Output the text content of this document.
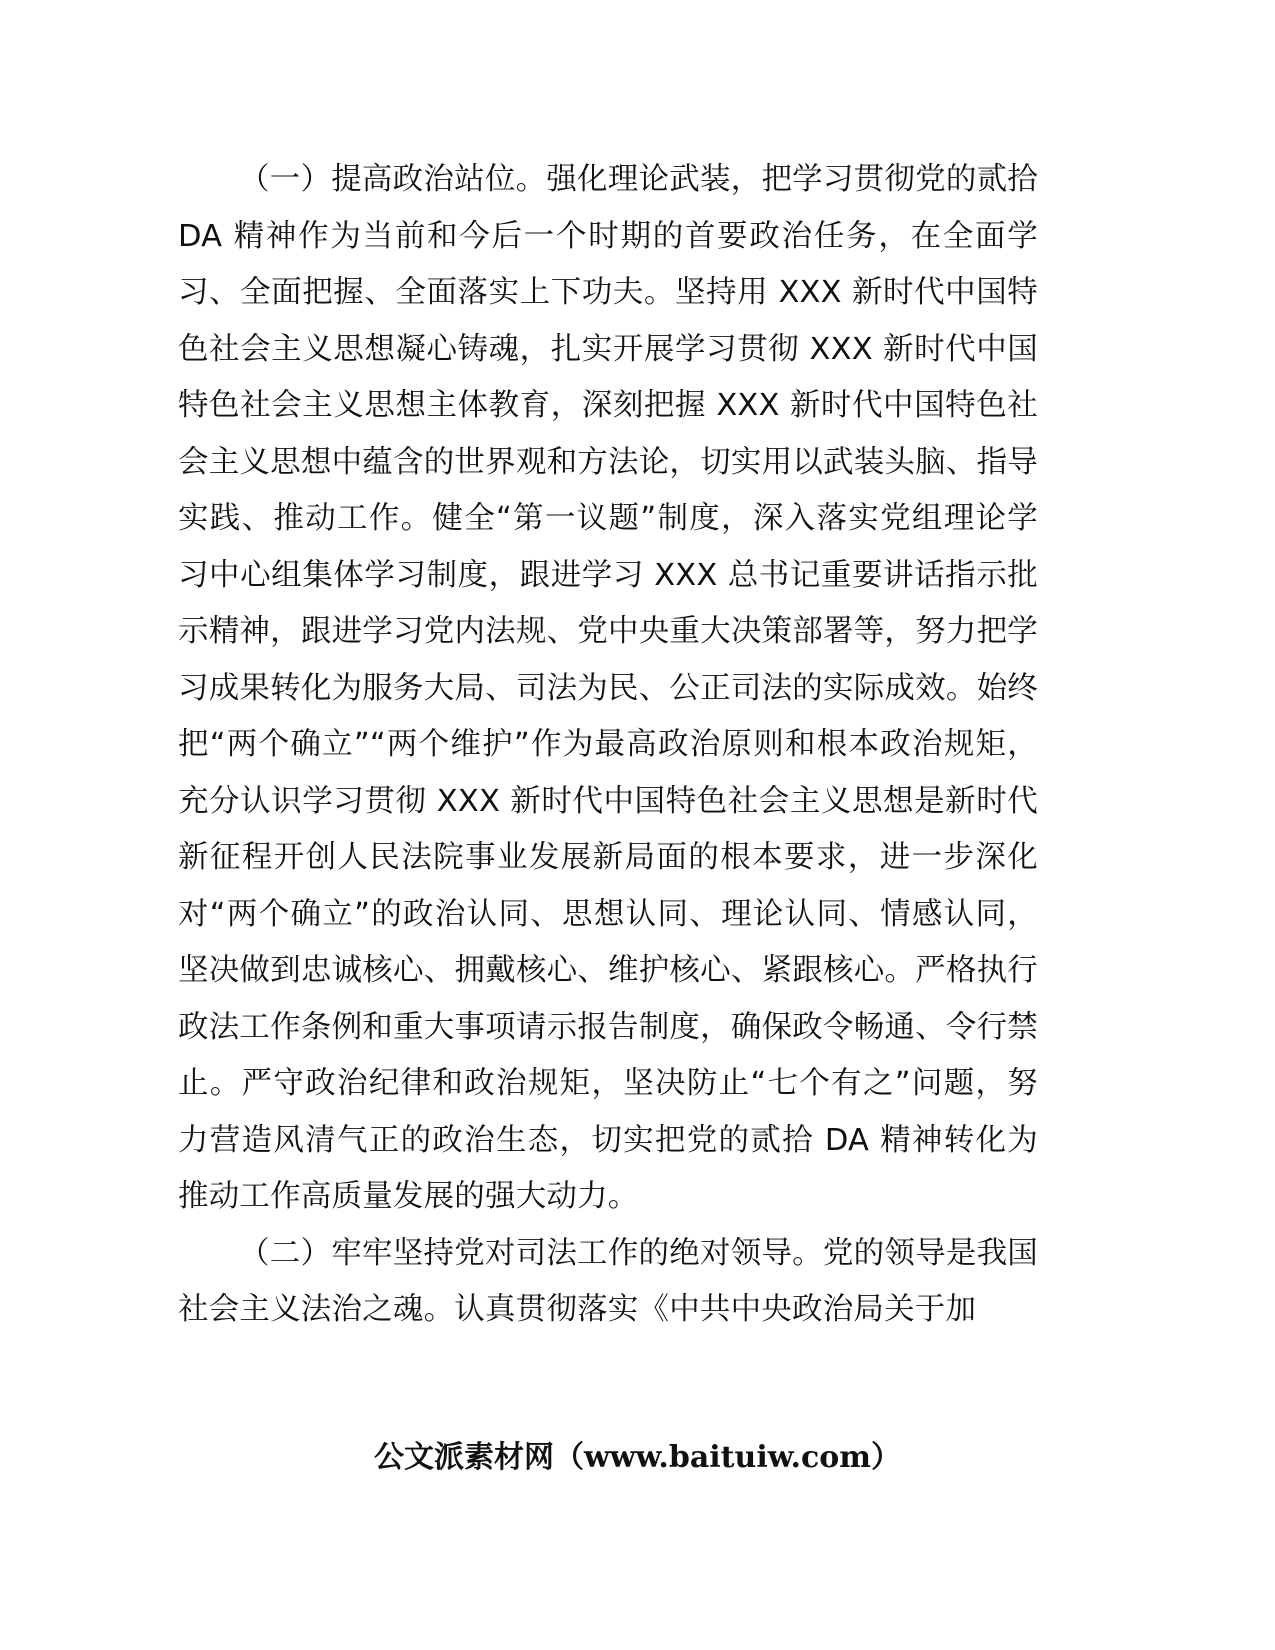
（一）提高政治站位。强化理论武装，把学习贯彻党的贰拾 DA 精神作为当前和今后一个时期的首要政治任务，在全面学习、全面把握、全面落实上下功夫。坚持用 XXX 新时代中国特色社会主义思想凝心铸魂，扎实开展学习贯彻 XXX 新时代中国特色社会主义思想主体教育，深刻把握 XXX 新时代中国特色社会主义思想中蕴含的世界观和方法论，切实用以武装头脑、指导实践、推动工作。健全“第一议题”制度，深入落实党组理论学习中心组集体学习制度，跟进学习 XXX 总书记重要讲话指示批示精神，跟进学习党内法规、党中央重大决策部署等，努力把学习成果转化为服务大局、司法为民、公正司法的实际成效。始终把“两个确立”“两个维护”作为最高政治原则和根本政治规矩，充分认识学习贯彻 XXX 新时代中国特色社会主义思想是新时代新征程开创人民法院事业发展新局面的根本要求，进一步深化对“两个确立”的政治认同、思想认同、理论认同、情感认同，坚决做到忠诚核心、拥戴核心、维护核心、紧跟核心。严格执行政法工作条例和重大事项请示报告制度，确保政令畅通、令行禁止。严守政治纪律和政治规矩，坚决防止“七个有之”问题，努力营造风清气正的政治生态，切实把党的贰拾 DA 精神转化为推动工作高质量发展的强大动力。

（二）牢牢坚持党对司法工作的绝对领导。党的领导是我国社会主义法治之魂。认真贯彻落实《中共中央政治局关于加

公文派素材网（www.baituiw.com）
